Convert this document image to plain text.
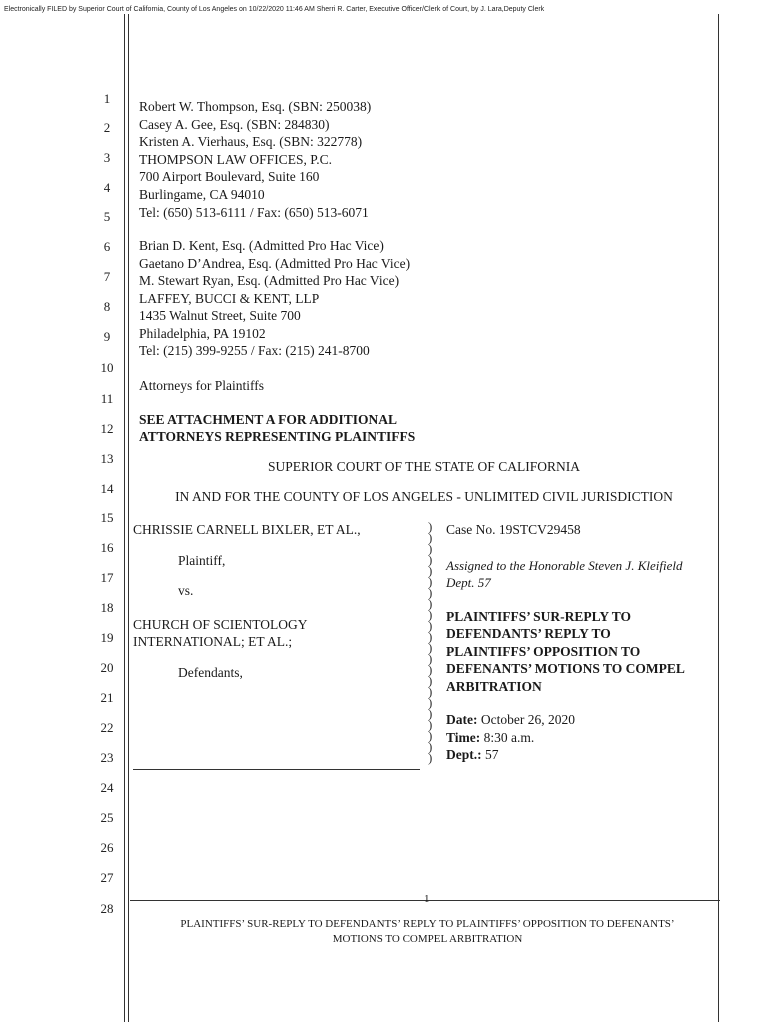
Electronically FILED by Superior Court of California, County of Los Angeles on 10/22/2020 11:46 AM Sherri R. Carter, Executive Officer/Clerk of Court, by J. Lara,Deputy Clerk
1
2
3
4
5
6
7
8
9
10
11
12
13
14
15
16
17
18
19
20
21
22
23
24
25
26
27
28
Robert W. Thompson, Esq. (SBN: 250038)
Casey A. Gee, Esq. (SBN: 284830)
Kristen A. Vierhaus, Esq. (SBN: 322778)
THOMPSON LAW OFFICES, P.C.
700 Airport Boulevard, Suite 160
Burlingame, CA 94010
Tel: (650) 513-6111 / Fax: (650) 513-6071
Brian D. Kent, Esq. (Admitted Pro Hac Vice)
Gaetano D’Andrea, Esq. (Admitted Pro Hac Vice)
M. Stewart Ryan, Esq. (Admitted Pro Hac Vice)
LAFFEY, BUCCI & KENT, LLP
1435 Walnut Street, Suite 700
Philadelphia, PA 19102
Tel: (215) 399-9255 / Fax: (215) 241-8700
Attorneys for Plaintiffs
SEE ATTACHMENT A FOR ADDITIONAL
ATTORNEYS REPRESENTING PLAINTIFFS
SUPERIOR COURT OF THE STATE OF CALIFORNIA
IN AND FOR THE COUNTY OF LOS ANGELES - UNLIMITED CIVIL JURISDICTION
CHRISSIE CARNELL BIXLER, ET AL.,
Plaintiff,
vs.
CHURCH OF SCIENTOLOGY
INTERNATIONAL; ET AL.;
Defendants,
)
)
)
)
)
)
)
)
)
)
)
)
)
)
)
)
)
)
)
)
)
)
Case No. 19STCV29458
Assigned to the Honorable Steven J. Kleifield
Dept. 57
PLAINTIFFS’ SUR-REPLY TO
DEFENDANTS’ REPLY TO
PLAINTIFFS’ OPPOSITION TO
DEFENANTS’ MOTIONS TO COMPEL
ARBITRATION
Date: October 26, 2020
Time: 8:30 a.m.
Dept.: 57
1
PLAINTIFFS’ SUR-REPLY TO DEFENDANTS’ REPLY TO PLAINTIFFS’ OPPOSITION TO DEFENANTS’
MOTIONS TO COMPEL ARBITRATION
